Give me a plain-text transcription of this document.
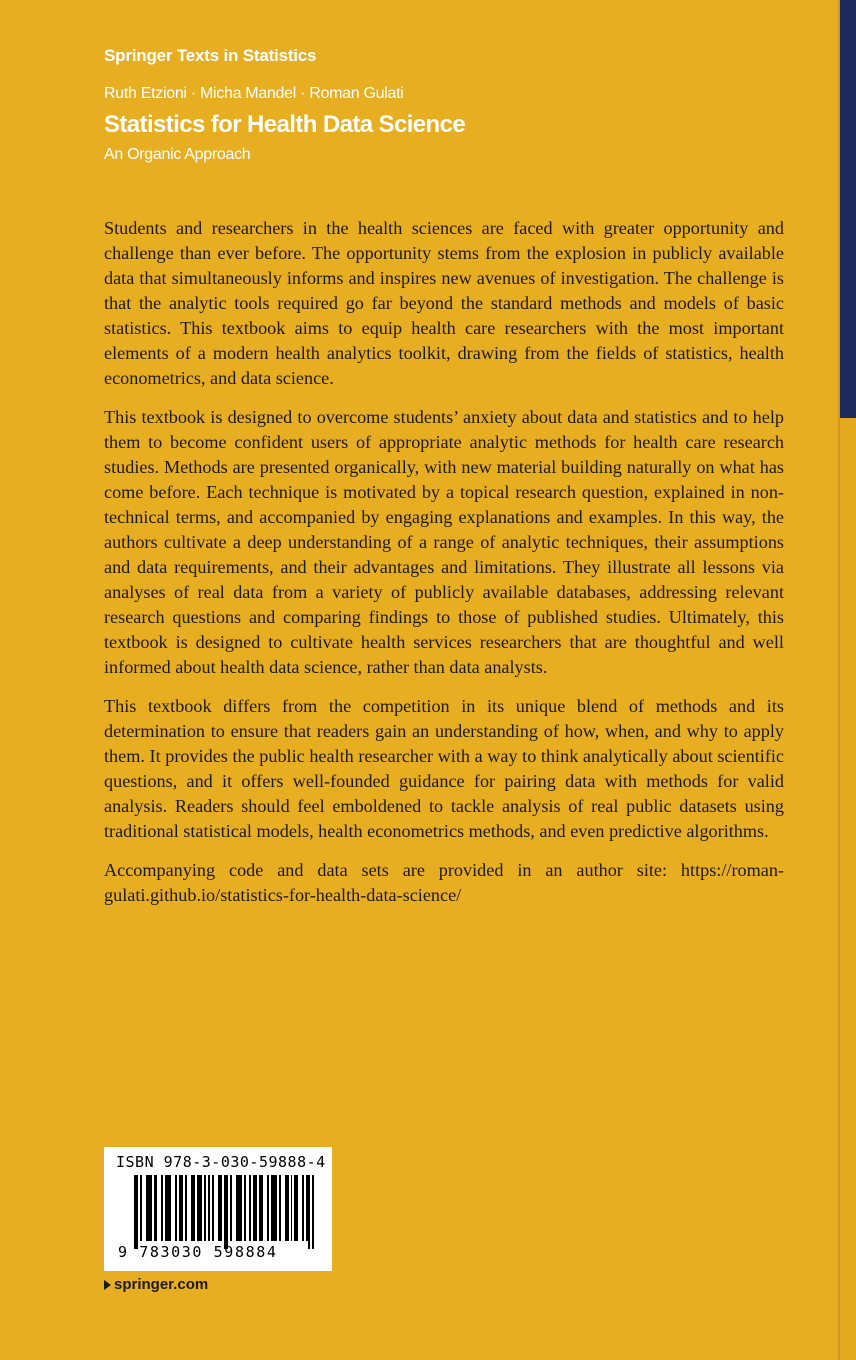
Springer Texts in Statistics
Ruth Etzioni · Micha Mandel · Roman Gulati
Statistics for Health Data Science
An Organic Approach

Students and researchers in the health sciences are faced with greater opportunity and challenge than ever before. The opportunity stems from the explosion in publicly available data that simultaneously informs and inspires new avenues of investigation. The challenge is that the analytic tools required go far beyond the standard methods and models of basic statistics. This textbook aims to equip health care researchers with the most important elements of a modern health analytics toolkit, drawing from the fields of statistics, health econometrics, and data science.

This textbook is designed to overcome students’ anxiety about data and statistics and to help them to become confident users of appropriate analytic methods for health care research studies. Methods are presented organically, with new material building naturally on what has come before. Each technique is motivated by a topical research question, explained in non-technical terms, and accompanied by engaging explanations and examples. In this way, the authors cultivate a deep understanding of a range of analytic techniques, their assumptions and data requirements, and their advantages and limitations. They illustrate all lessons via analyses of real data from a variety of publicly available databases, addressing relevant research questions and comparing findings to those of published studies. Ultimately, this textbook is designed to cultivate health services researchers that are thoughtful and well informed about health data science, rather than data analysts.

This textbook differs from the competition in its unique blend of methods and its determination to ensure that readers gain an understanding of how, when, and why to apply them. It provides the public health researcher with a way to think analytically about scientific questions, and it offers well-founded guidance for pairing data with methods for valid analysis. Readers should feel emboldened to tackle analysis of real public datasets using traditional statistical models, health econometrics methods, and even predictive algorithms.

Accompanying code and data sets are provided in an author site: https://roman-gulati.github.io/statistics-for-health-data-science/

ISBN 978-3-030-59888-4
9 783030 598884
springer.com
